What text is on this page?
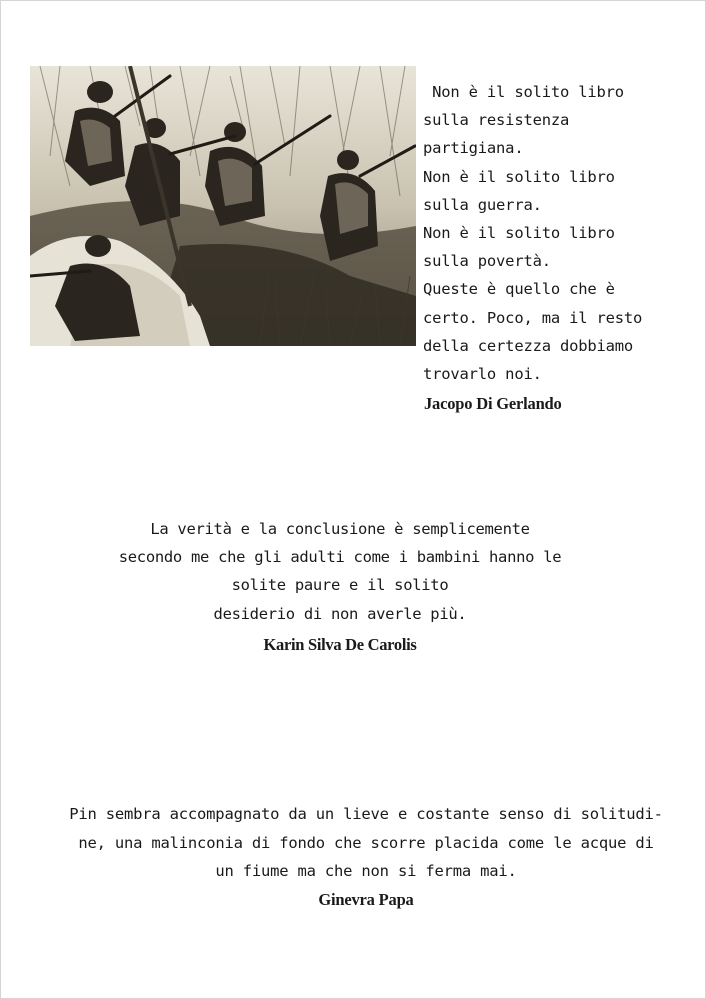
Non è il solito libro
sulla resistenza
partigiana.
Non è il solito libro
sulla guerra.
Non è il solito libro
sulla povertà.
Queste è quello che è
certo. Poco, ma il resto
della certezza dobbiamo
trovarlo noi.
Jacopo Di Gerlando
La verità e la conclusione è semplicemente
secondo me che gli adulti come i bambini hanno le
solite paure e il solito
desiderio di non averle più.
Karin Silva De Carolis
Pin sembra accompagnato da un lieve e costante senso di solitudi-
ne, una malinconia di fondo che scorre placida come le acque di
un fiume ma che non si ferma mai.
Ginevra Papa
